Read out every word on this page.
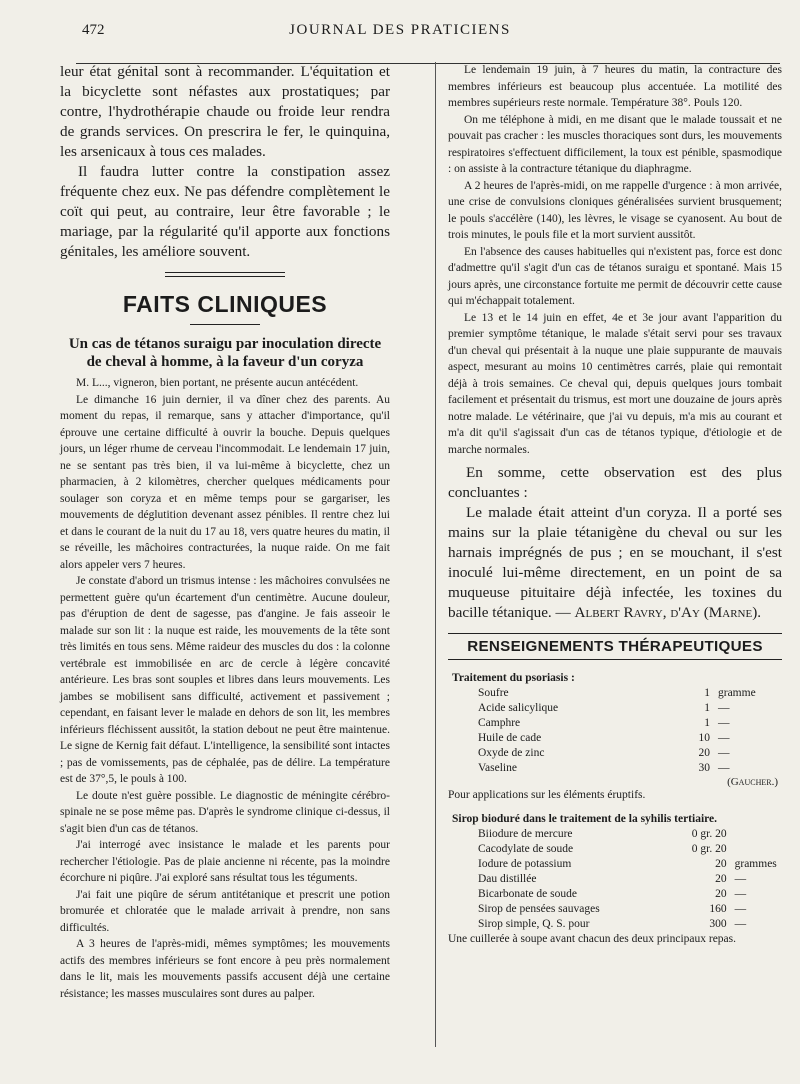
472	JOURNAL DES PRATICIENS

leur état génital sont à recommander. L'équitation et la bicyclette sont néfastes aux prostatiques; par contre, l'hydrothérapie chaude ou froide leur rendra de grands services. On prescrira le fer, le quinquina, les arsenicaux à tous ces malades.

Il faudra lutter contre la constipation assez fréquente chez eux. Ne pas défendre complètement le coït qui peut, au contraire, leur être favorable ; le mariage, par la régularité qu'il apporte aux fonctions génitales, les améliore souvent.

FAITS CLINIQUES
Un cas de tétanos suraigu par inoculation directe de cheval à homme, à la faveur d'un coryza

M. L..., vigneron, bien portant, ne présente aucun antécédent.

Le dimanche 16 juin dernier, il va dîner chez des parents. Au moment du repas, il remarque, sans y attacher d'importance, qu'il éprouve une certaine difficulté à ouvrir la bouche. Depuis quelques jours, un léger rhume de cerveau l'incommodait. Le lendemain 17 juin, ne se sentant pas très bien, il va lui-même à bicyclette, chez un pharmacien, à 2 kilomètres, chercher quelques médicaments pour soulager son coryza et en même temps pour se gargariser, les mouvements de déglutition devenant assez pénibles. Il rentre chez lui et dans le courant de la nuit du 17 au 18, vers quatre heures du matin, il se réveille, les mâchoires contracturées, la nuque raide. On me fait alors appeler vers 7 heures.

Je constate d'abord un trismus intense : les mâchoires convulsées ne permettent guère qu'un écartement d'un centimètre. Aucune douleur, pas d'éruption de dent de sagesse, pas d'angine. Je fais asseoir le malade sur son lit : la nuque est raide, les mouvements de la tête sont très limités en tous sens. Même raideur des muscles du dos : la colonne vertébrale est immobilisée en arc de cercle à légère concavité antérieure. Les bras sont souples et libres dans leurs mouvements. Les jambes se mobilisent sans difficulté, activement et passivement ; cependant, en faisant lever le malade en dehors de son lit, les membres inférieurs fléchissent aussitôt, la station debout ne peut être maintenue. Le signe de Kernig fait défaut. L'intelligence, la sensibilité sont intactes ; pas de vomissements, pas de céphalée, pas de délire. La température est de 37°,5, le pouls à 100.

Le doute n'est guère possible. Le diagnostic de méningite cérébro-spinale ne se pose même pas. D'après le syndrome clinique ci-dessus, il s'agit bien d'un cas de tétanos.

J'ai interrogé avec insistance le malade et les parents pour rechercher l'étiologie. Pas de plaie ancienne ni récente, pas la moindre écorchure ni piqûre. J'ai exploré sans résultat tous les téguments.

J'ai fait une piqûre de sérum antitétanique et prescrit une potion bromurée et chloratée que le malade arrivait à prendre, non sans difficultés.

A 3 heures de l'après-midi, mêmes symptômes; les mouvements actifs des membres inférieurs se font encore à peu près normalement dans le lit, mais les mouvements passifs accusent déjà une certaine résistance; les masses musculaires sont dures au palper.

Le lendemain 19 juin, à 7 heures du matin, la contracture des membres inférieurs est beaucoup plus accentuée. La motilité des membres supérieurs reste normale. Température 38°. Pouls 120.

On me téléphone à midi, en me disant que le malade toussait et ne pouvait pas cracher : les muscles thoraciques sont durs, les mouvements respiratoires s'effectuent difficilement, la toux est pénible, spasmodique : on assiste à la contracture tétanique du diaphragme.

A 2 heures de l'après-midi, on me rappelle d'urgence : à mon arrivée, une crise de convulsions cloniques généralisées survient brusquement; le pouls s'accélère (140), les lèvres, le visage se cyanosent. Au bout de trois minutes, le pouls file et la mort survient aussitôt.

En l'absence des causes habituelles qui n'existent pas, force est donc d'admettre qu'il s'agit d'un cas de tétanos suraigu et spontané. Mais 15 jours après, une circonstance fortuite me permit de découvrir cette cause qui m'échappait totalement.

Le 13 et le 14 juin en effet, 4e et 3e jour avant l'apparition du premier symptôme tétanique, le malade s'était servi pour ses travaux d'un cheval qui présentait à la nuque une plaie suppurante de mauvais aspect, mesurant au moins 10 centimètres carrés, plaie qui remontait déjà à trois semaines. Ce cheval qui, depuis quelques jours tombait facilement et présentait du trismus, est mort une douzaine de jours après notre malade. Le vétérinaire, que j'ai vu depuis, m'a mis au courant et m'a dit qu'il s'agissait d'un cas de tétanos typique, d'étiologie et de marche normales.

En somme, cette observation est des plus concluantes :

Le malade était atteint d'un coryza. Il a porté ses mains sur la plaie tétanigène du cheval ou sur les harnais imprégnés de pus ; en se mouchant, il s'est inoculé lui-même directement, en un point de sa muqueuse pituitaire déjà infectée, les toxines du bacille tétanique. — Albert Ravry, d'Ay (Marne).

RENSEIGNEMENTS THÉRAPEUTIQUES
Traitement du psoriasis :
Soufre	1	gramme
Acide salicylique	1	—
Camphre	1	—
Huile de cade	10	—
Oxyde de zinc	20	—
Vaseline	30	—
(Gaucher.)
Pour applications sur les éléments éruptifs.
Sirop bioduré dans le traitement de la syhilis tertiaire.
Biiodure de mercure	0 gr. 20	
Cacodylate de soude	0 gr. 20	
Iodure de potassium	20	grammes
Dau distillée	20	—
Bicarbonate de soude	20	—
Sirop de pensées sauvages	160	—
Sirop simple, Q. S. pour	300	—
Une cuillerée à soupe avant chacun des deux principaux repas.
